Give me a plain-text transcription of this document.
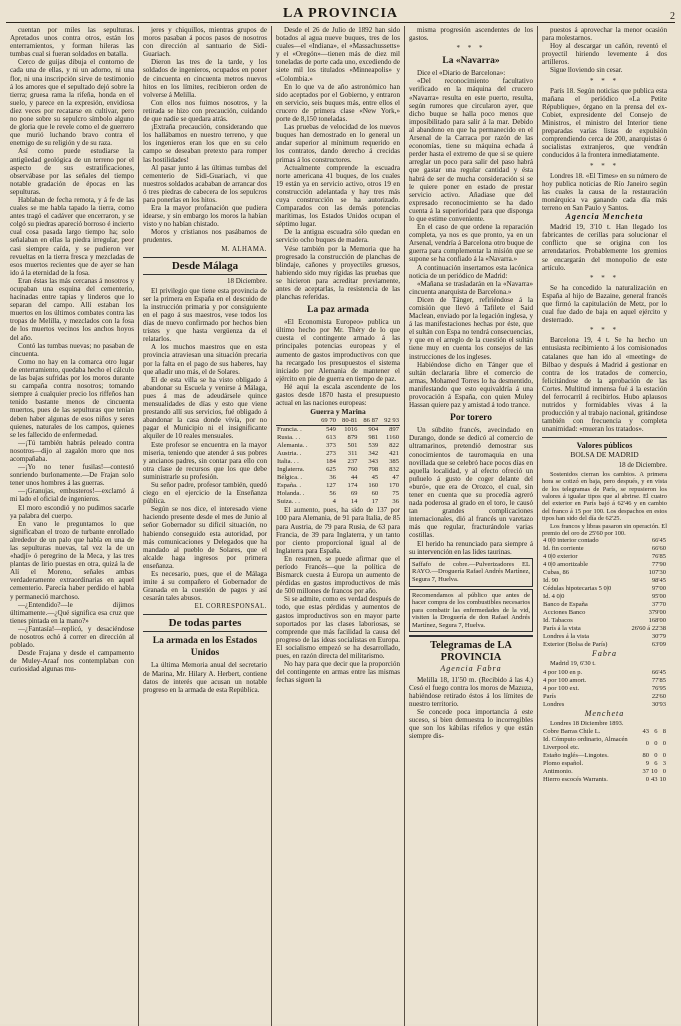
LA PROVINCIA	2

cuentan por miles las sepulturas. Apretados unos contra otros, están los enterramientos, y forman hileras las tumbas cual si fueran soldados en batalla.

Cerco de guijas dibuja el contorno de cada una de ellas, y ni un adorno, ni una flor, ni una inscripción sirve de testimonio á los amores que el sepultado dejó sobre la tierra; gruesa rama la rifeña, honda en el suelo, y parece en la expresión, envidiosa diez veces por recatarse en cultivar, pero no pone sobre su sepulcro símbolo alguno de gloria que le revele como el de guerrero que murió luchando bravo contra el enemigo de su religión y de su raza.

Así como puede estudiarse la antigüedad geológica de un terreno por el aspecto de sus estratificaciones, observábase por las señales del tiempo notable gradación de épocas en las sepulturas.

Hablaban de fecha remota, y á fe de las cuales se me habla tapado la tierra, como antes tragó el cadáver que encerraron, y se colgó su piedras apareció borroso é incierto cual cosa pasada largo tiempo ha; solo señalaban en ellas la piedra irregular, peor casi siempre caída, y se pudieron ver revueltas en la tierra fresca y mezcladas de esos muertos recientes que de ayer se han ido á la eternidad de la fosa.

Eran éstas las más cercanas á nosotros y ocupaban una esquina del cementerio, hacinadas entre tapias y linderos que lo separan del campo. Allí estaban los muertos en los últimos combates contra las tropas de Melilla, y mezclados con la fosa de los muertos vecinos los anchos hoyos del año.

Contó las tumbas nuevas; no pasaban de cincuenta.

Como no hay en la comarca otro lugar de enterramiento, quedaba hecho el cálculo de las bajas sufridas por los moros durante su campaña contra nosotros; tomando siempre á cualquier precio los riffeños han tenido bastante menos de cincuenta muertos, pues de las sepulturas que tenían deben haber algunas de esos niños y seres quienes, naturales de los campos, quienes se les fallecido de enfermedad.

—¡Tú también habrás peleado contra nosotros—dijo al zagalón moro que nos acompañaba.

—¡Yo no tener fusilas!—contestó sonriendo burlonamente.—De Frajan solo tener unos hombres á las guerras.

—¡Granujas, embusteros!—exclamó á mi lado el oficial de ingenieros.

El moro escondió y no pudimos sacarle ya palabra del cuerpo.

En vano le preguntamos lo que significaban el trozo de turbante enrollado alrededor de un palo que había en una de las sepulturas nuevas, tal vez la de un «hadjí» ó peregrino de la Meca, y las tres plantas de lirio puestas en otra, quizá la de Alí el Moreno, señales ambas verdaderamente extraordinarias en aquel cementerio. Parecía haber perdido el habla y permaneció marchoso.

—¿Entendido?—le dijimos últimamente.—¿Qué significa esa cruz que tienes pintada en la mano?»

—¿Fantasía!—replicó, y desaciéndose de nosotros echó á correr en dirección al poblado.

Desde Frajana y desde el campamento de Muley-Araaf nos contemplaban con curiosidad algunas mu-

jeres y chiquillos, mientras grupos de moros pasaban á pocos pasos de nosotros con dirección al santuario de Sidi-Guariach.

Dieron las tres de la tarde, y los soldados de ingenieros, ocupados en poner de cincuenta en cincuenta metros nuevos hitos en los límites, recibieron orden de volverse á Melilla.

Con ellos nos fuimos nosotros, y la retirada se hizo con precaución, cuidando de que nadie se quedara atrás.

¡Extraña precaución, considerando que los hallábamos en nuestro terreno, y que los ingenieros eran los que en su celo campo se deseaban pretexto para romper las hostilidades!

Al pasar junto á las últimas tumbas del cementerio de Sidi-Guariach, vi que nuestros soldados acababan de arrancar dos ó tres piedras de cabecera de los sepulcros para ponerlas en los hitos.

Era la mayor profanación que pudiera idearse, y sin embargo los moros la habían visto y no habían chistado.

Moros y cristianos nos pasábamos de prudentes.

M. ALHAMA.
Desde Málaga
18 Diciembre.

El privilegio que tiene esta provincia de ser la primera en España en el descuido de la instrucción primaria y por consiguiente en el pago á sus maestros, vese todos los días de nuevo confirmado por hechos bien tristes y que hasta vergüenza da el relatarlos.

A los muchos maestros que en esta provincia atraviesan una situación precaria por la falta en el pago de sus haberes, hay que añadir uno más, el de Solares.

El de esta villa se ha visto obligado á abandonar su Escuela y venirse á Málaga, pues á mas de adeudársele quince mensualidades de días y esto que viene prestando allí sus servicios, fué obligado á abandonar la casa donde vivía, por no pagar el Municipio ni el insignificante alquiler de 10 reales mensuales.

Este profesor se encuentra en la mayor miseria, teniendo que atender á sus pobres y ancianos padres, sin contar para ello con otra clase de recursos que los que debe suministrarle su profesión.

Su señor padre, profesor también, quedó ciego en el ejercicio de la Enseñanza pública.

Según se nos dice, el interesado viene haciendo presente desde el mes de Junio al señor Gobernador su difícil situación, no habiendo conseguido esta autoridad, por más comunicaciones y Delegados que ha mandado al pueblo de Solares, que el alcalde haga ingresos por primera enseñanza.

Es necesario, pues, que el de Málaga imite á su compañero el Gobernador de Granada en la cuestión de pagos y así cesarán tales abusos.

EL CORRESPONSAL.
De todas partes
La armada en los Estados Unidos

La última Memoria anual del secretario de Marina, Mr. Hilary A. Herbert, contiene datos de interés que acusan un notable progreso en la armada de esta República.

Desde el 26 de Julio de 1892 han sido botados al agua nueve buques, tres de los cuales—el «Indiana», el «Massachussetts» y el «Oregón»—tienen más de diez mil toneladas de porte cada uno, excediendo de siete mil los titulados «Minneapolis» y «Colombia.»

En lo que va de año astronómico han sido aceptados por el Gobierno, y entraron en servicio, seis buques más, entre ellos el crucero de primera clase «New York,» porte de 8,150 toneladas.

Las pruebas de velocidad de los nuevos buques han demostrado en lo general un andar superior al mínimum requerido en los contratos, dando derecho á crecidas primas á los constructores.

Actualmente comprende la escuadra norte americana 41 buques, de los cuales 19 están ya en servicio activo, otros 19 en construcción adelantada y hay tres más cuya construcción se ha autorizado. Comparados con las demás potencias marítimas, los Estados Unidos ocupan el séptimo lugar.

De la antigua escuadra sólo quedan en servicio ocho buques de madera.

Vése también por la Memoria que ha progresado la construcción de planchas de blindaje, cañones y proyectiles gruesos, habiendo sido muy rígidas las pruebas que se hicieron para acreditar previamente, antes de aceptarlas, la resistencia de las planchas referidas.

La paz armada

«El Economista Europeo» publica un último hecho por Mr. Théry de lo que cuesta el contingente armado á las principales potencias europeas y el aumento de gastos improductivos con que ha recargado los presupuestos el sistema iniciado por Alemania de mantener el ejército en pie de guerra en tiempo de paz.

Hé aquí la escala ascendente de los gastos desde 1870 hasta el presupuesto actual en las naciones europeas:

Guerra y Marina
	69 70	80-81	86 87	92 93
Francia. .	549	1016	904	897
Rusia. . .	613	879	981	1160
Alemania. .	373	501	539	822
Austria. .	273	311	342	421
Italia. . .	184	237	343	385
Inglaterra.	625	760	798	832
Bélgica. .	36	44	45	47
España. .	127	174	160	170
Holanda. .	56	69	60	75
Suiza. . .	4	14	17	36

El aumento, pues, ha sido de 137 por 100 para Alemania, de 91 para Italia, de 85 para Austria, de 79 para Rusia, de 63 para Francia, de 39 para Inglaterra, y un tanto por ciento proporcional igual al de Inglaterra para España.

En resumen, se puede afirmar que el período Francés—que la política de Bismarck cuesta á Europa un aumento de pérdidas en gastos improductivos de más de 500 millones de francos por año.

Si se admite, como es verdad después de todo, que estas pérdidas y aumentos de gastos improductivos son en mayor parte soportados por las clases laboriosas, se comprende que más facilidad la causa del progreso de las ideas socialistas en Europa. El socialismo empezó se ha desarrollado, pues, en razón directa del militarismo.

No hay para que decir que la proporción del contingente en armas entre las mismas fechas siguen la

misma progresión ascendentes de los gastos.

* * *
La «Navarra»

Dice el «Diario de Barcelona»:

«Del reconocimiento facultativo verificado en la máquina del crucero «Navarra» resulta en este puerto, resulta, según rumores que circularon ayer, que dicho buque se halla poco menos que imposibilitado para salir á la mar. Debido al abandono en que ha permanecido en el Arsenal de la Carraca por razón de las economías, tiene su máquina echada á perder hasta el extremo de que si se quiere arreglar un poco para salir del paso habrá que gastar una regular cantidad y ésta habrá de ser de mucha consideración si se le quiere poner en estado de prestar servicio activo. Añadiase que del expresado reconocimiento se ha dado cuenta á la superioridad para que disponga lo que estime conveniente.

En el caso de que ordene la reparación completa, ya nos es que pronto, ya en un Arsenal, vendría á Barcelona otro buque de guerra para complementar la misión que se supone se ha confiado á la «Navarra.»

A continuación insertamos esta lacónica noticia de un periódico de Madrid:

«Mañana se trasladarán en la «Navarra» cincuenta anarquista de Barcelona.»

Dicen de Tánger, refiriéndose á la comisión que llevó á Tafilete el Said Maclean, enviado por la legación inglesa, y á las manifestaciones hechas por éste, que el sultán con Espa no tendrá consecuencias, y que en el arreglo de la cuestión el sultán tiene muy en cuenta los consejos de las instrucciones de los ingleses.

Habiéndose dicho en Tánger que el sultán declararía libre el comercio de armas, Mohamed Torres lo ha desmentido, manifestando que esto equivaldría á una provocación á España, con quien Muley Hassan quiere paz y amistad á todo trance.

Por torero

Un súbdito francés, avecindado en Durango, donde se dedicó al comercio de ultramarinos, pretendió demostrar sus conocimientos de tauromaquia en una novillada que se celebró hace pocos días en aquella localidad, y al efecto ofreció un puñuelo á gusto de coger delante del «buró», que era de Orozco, el cual, sin tener en cuenta que su procedía agreró nada poderosa al grado en el toro, le causó tan grandes complicaciones internacionales, dió al francés un varetazo más que regular, fracturándole varias costillas.

El herido ha renunciado para siempre á su intervención en las lides taurinas.

Saffafo de cobre.—Pulverizadores EL RAYO.—Droguería Rafael Andrés Martínez, Segura 7, Huelva.
Recomendamos al público que antes de hacer compra de los combustibles necesarios para combatir las enfermedades de la vid, visiten la Droguería de don Rafael Andrés Martínez, Segura 7, Huelva.
Telegramas de LA PROVINCIA
Agencia Fabra

Melilla 18, 11'50 m. (Recibido á las 4.) Cesó el fuego contra los moros de Mazuza, habiéndose retirado éstos á los límites de nuestro territorio.

Se concede poca importancia á este suceso, si bien demuestra lo incorregibles que son los kábilas rifeños y que están siempre dis-

puestos á aprovechar la menor ocasión para molestarnos.

Hoy al descargar un cañón, reventó el proyectil hiriendo levemente á dos artilleros.

Sigue lloviendo sin cesar.

* * *

París 18. Según noticias que publica esta mañana el periódico «La Petite République», órgano en la prensa del ex-Cobiet, expresidente del Consejo de Ministros, el ministro del Interior tiene preparadas varias listas de expulsión comprendiendo cerca de 200, anarquistas ó socialistas extranjeros, que vendrán conducidos á la frontera inmediatamente.

* * *

Londres 18. «El Times» en su número de hoy publica noticias de Río Janeiro según las cuales la causa de la restauración monárquica va ganando cada día más terreno en San Paulo y Santos.

Agencia Mencheta

Madrid 19, 3'10 t. Han llegado los fabricantes de cerillas para solucionar el conflicto que se origina con los arrendatarios. Probablemente los gremios se encargarán del monopolio de este artículo.

* * *

Se ha concedido la naturalización en España al hijo de Bazaine, general francés que firmó la capitulación de Metz, por lo cual fue dado de baja en aquel ejército y desterrado.

* * *

Barcelona 19, 4 t. Se ha hecho un entusiasta recibimiento á los comisionados catalanes que han ido al «meeting» de Bilbao y después á Madrid á gestionar en contra de los tratados de comercio, felicitándose de la aprobación de las Cortes. Multitud inmensa fué á la estación del ferrocarril á recibirlos. Hubo aplausos nutridos y formidables vivas á la producción y al trabajo nacional, gritándose también con frecuencia y completa unanimidad: «mueran los tratados».

Valores públicos
BOLSA DE MADRID
18 de Diciembre.

Sostenidos cierran los cambios. A primera hora se cotizó en baja, pero después, y en vista de los telegramas de París, se repusieron los valores á igualar tipos que al abrirse. El cuatro del exterior en París bajó á 62'46 y en cambio del franco á 15 por 100. Los despachos en estos tipos han sido del día de 62'25.

Los francos y libras pasaron sin operación. El premio del oro de 25'60 por 100.

4 0|0 interior contado	66'45
Id. fin corriente	66'60
4 0|0 exterior	76'85
4 0|0 amortizable	77'90
Cubas, 86	107'30
Id. 90	98'45
Cédulas hipotecarias 5 0|0	97'00
Id. 4 0|0	95'00
Banco de España	37'70
Acciones Banco	379'00
Id. Tabacos	168'00
París á la vista	26'60 á 22'38
Londres á la vista	30'79
Exterior (Bolsa de París)	63'09
Fabra

Madrid 19, 6'30 t.

4 por 100 en p.	66'45
4 por 100 amort.	77'85
4 por 100 ext.	76'95
París	22'60
Londres	30'93
Mencheta

Londres 18 Diciembre 1893.

Cobre Barras Chile L.	43	6	8
Id. Cómputo ordinario, Almacén Liverpool etc.	0	0	0
Estaño inglés—Lingotes.	80	0	0
Plomo español.	9	6	3
Antimonio.	37	10	0
Hierro escocés Warrants.	0	43	10
